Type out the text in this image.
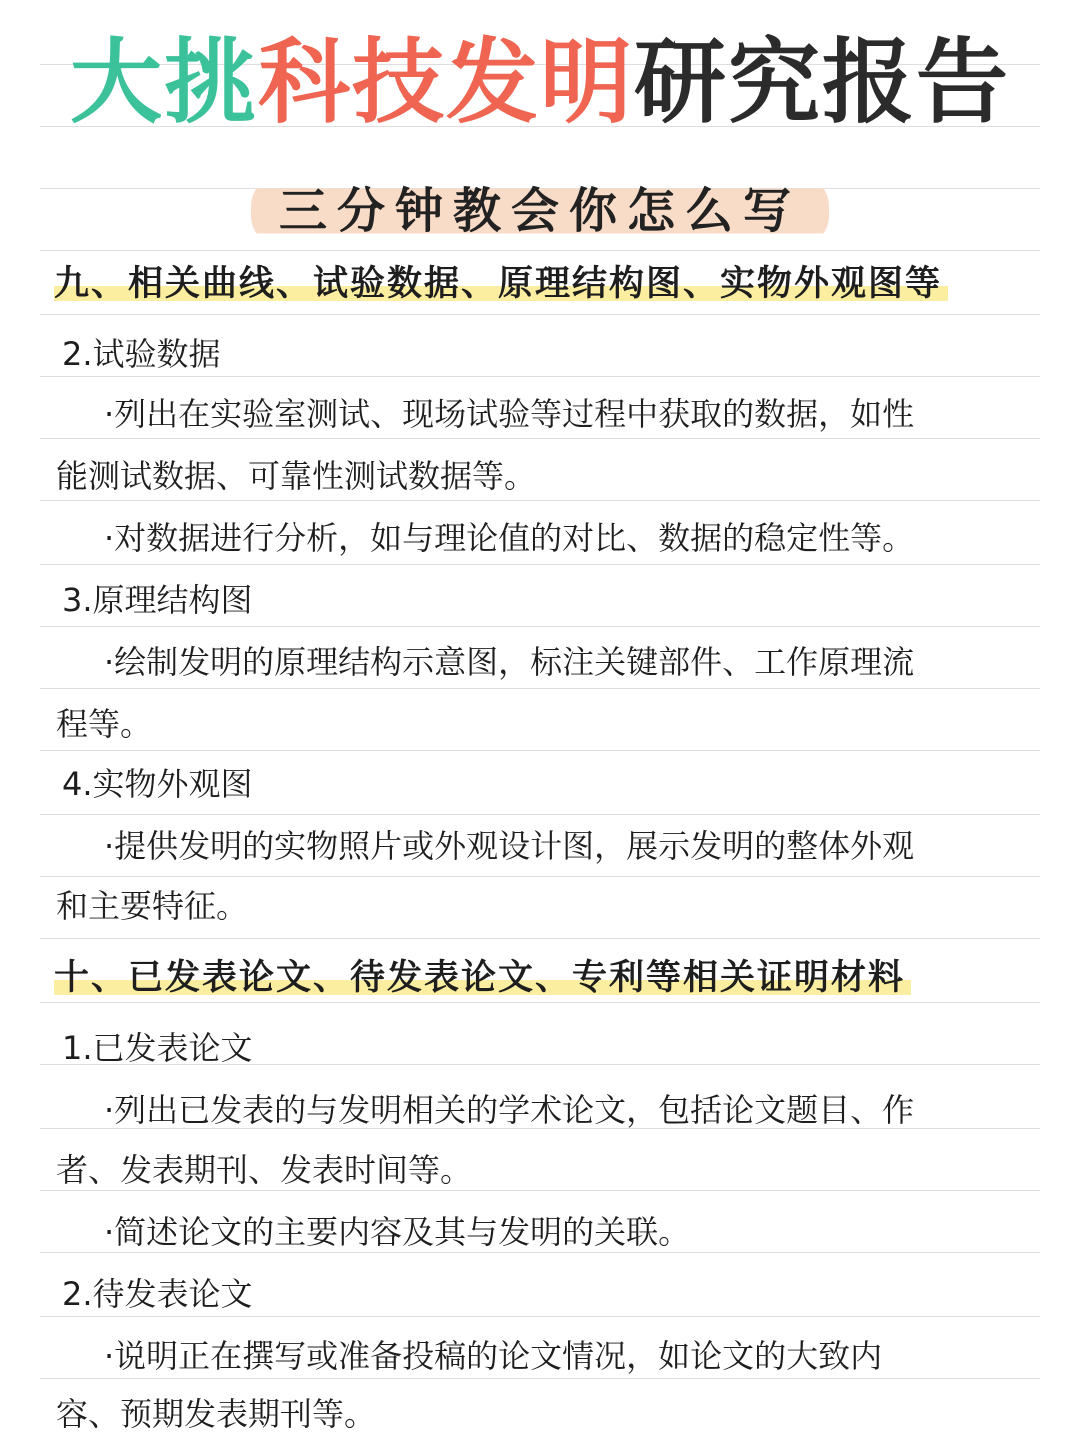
大挑科技发明研究报告
三分钟教会你怎么写
九、相关曲线、试验数据、原理结构图、实物外观图等
2.试验数据
·列出在实验室测试、现场试验等过程中获取的数据，如性
能测试数据、可靠性测试数据等。
·对数据进行分析，如与理论值的对比、数据的稳定性等。
3.原理结构图
·绘制发明的原理结构示意图，标注关键部件、工作原理流
程等。
4.实物外观图
·提供发明的实物照片或外观设计图，展示发明的整体外观
和主要特征。
十、已发表论文、待发表论文、专利等相关证明材料
1.已发表论文
·列出已发表的与发明相关的学术论文，包括论文题目、作
者、发表期刊、发表时间等。
·简述论文的主要内容及其与发明的关联。
2.待发表论文
·说明正在撰写或准备投稿的论文情况，如论文的大致内
容、预期发表期刊等。
